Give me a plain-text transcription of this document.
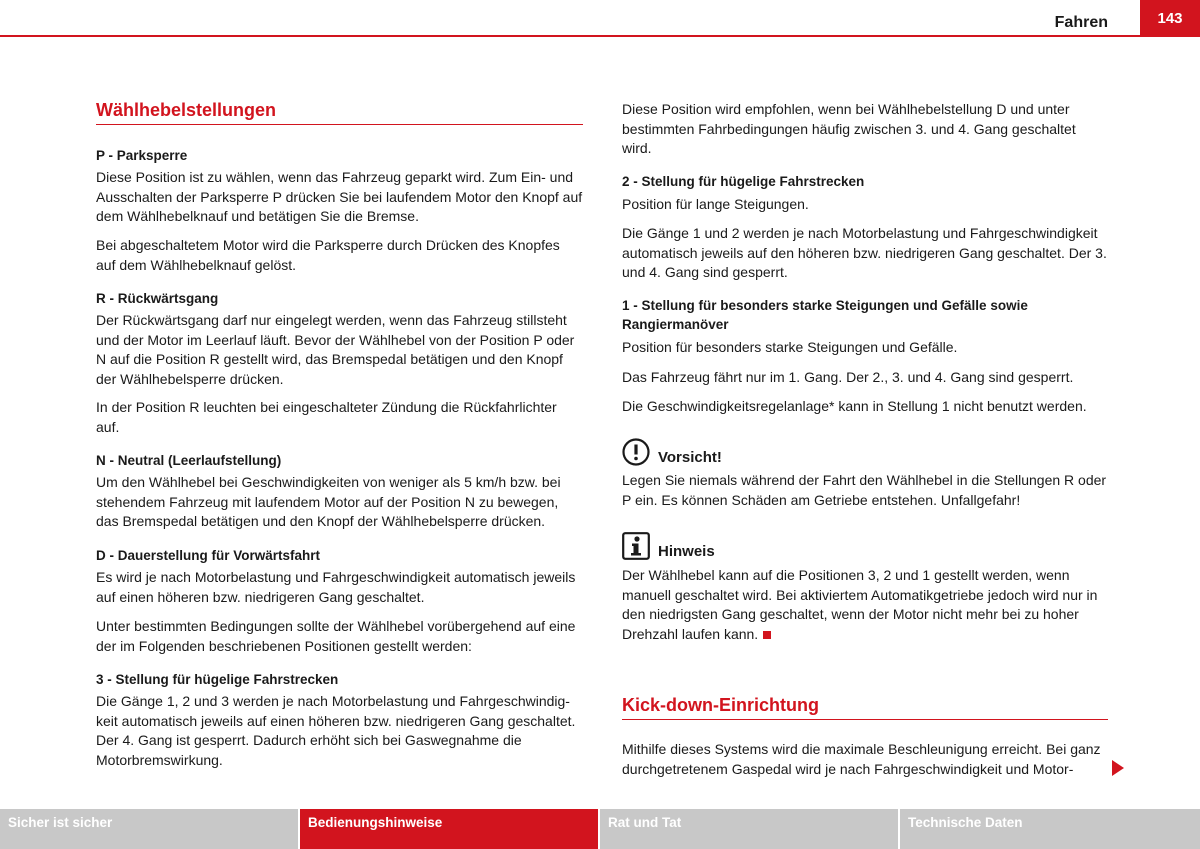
Fahren	143
Wählhebelstellungen
P - Parksperre

Diese Position ist zu wählen, wenn das Fahrzeug geparkt wird. Zum Ein- und Ausschalten der Parksperre P drücken Sie bei laufendem Motor den Knopf auf dem Wählhebelknauf und betätigen Sie die Bremse.

Bei abgeschaltetem Motor wird die Parksperre durch Drücken des Knopfes auf dem Wählhebelknauf gelöst.

R - Rückwärtsgang

Der Rückwärtsgang darf nur eingelegt werden, wenn das Fahrzeug stillsteht und der Motor im Leerlauf läuft. Bevor der Wählhebel von der Position P oder N auf die Position R gestellt wird, das Bremspedal betätigen und den Knopf der Wählhebelsperre drücken.

In der Position R leuchten bei eingeschalteter Zündung die Rückfahrlichter auf.

N - Neutral (Leerlaufstellung)

Um den Wählhebel bei Geschwindigkeiten von weniger als 5 km/h bzw. bei stehendem Fahrzeug mit laufendem Motor auf der Position N zu bewegen, das Bremspedal betätigen und den Knopf der Wählhebelsperre drücken.

D - Dauerstellung für Vorwärtsfahrt

Es wird je nach Motorbelastung und Fahrgeschwindigkeit automatisch jeweils auf einen höheren bzw. niedrigeren Gang geschaltet.

Unter bestimmten Bedingungen sollte der Wählhebel vorübergehend auf eine der im Folgenden beschriebenen Positionen gestellt werden:

3 - Stellung für hügelige Fahrstrecken

Die Gänge 1, 2 und 3 werden je nach Motorbelastung und Fahrgeschwindig- keit automatisch jeweils auf einen höheren bzw. niedrigeren Gang geschaltet. Der 4. Gang ist gesperrt. Dadurch erhöht sich bei Gaswegnahme die Motorbremswirkung.

Diese Position wird empfohlen, wenn bei Wählhebelstellung D und unter bestimmten Fahrbedingungen häufig zwischen 3. und 4. Gang geschaltet wird.

2 - Stellung für hügelige Fahrstrecken

Position für lange Steigungen.

Die Gänge 1 und 2 werden je nach Motorbelastung und Fahrgeschwindigkeit automatisch jeweils auf den höheren bzw. niedrigeren Gang geschaltet. Der 3. und 4. Gang sind gesperrt.

1 - Stellung für besonders starke Steigungen und Gefälle sowie Rangiermanöver

Position für besonders starke Steigungen und Gefälle.

Das Fahrzeug fährt nur im 1. Gang. Der 2., 3. und 4. Gang sind gesperrt.

Die Geschwindigkeitsregelanlage* kann in Stellung 1 nicht benutzt werden.

Vorsicht!

Legen Sie niemals während der Fahrt den Wählhebel in die Stellungen R oder P ein. Es können Schäden am Getriebe entstehen. Unfallgefahr!

Hinweis

Der Wählhebel kann auf die Positionen 3, 2 und 1 gestellt werden, wenn manuell geschaltet wird. Bei aktiviertem Automatikgetriebe jedoch wird nur in den niedrigsten Gang geschaltet, wenn der Motor nicht mehr bei zu hoher Drehzahl laufen kann.

Kick-down-Einrichtung

Mithilfe dieses Systems wird die maximale Beschleunigung erreicht. Bei ganz durchgetretenem Gaspedal wird je nach Fahrgeschwindigkeit und Motor-

Sicher ist sicher	Bedienungshinweise	Rat und Tat	Technische Daten
